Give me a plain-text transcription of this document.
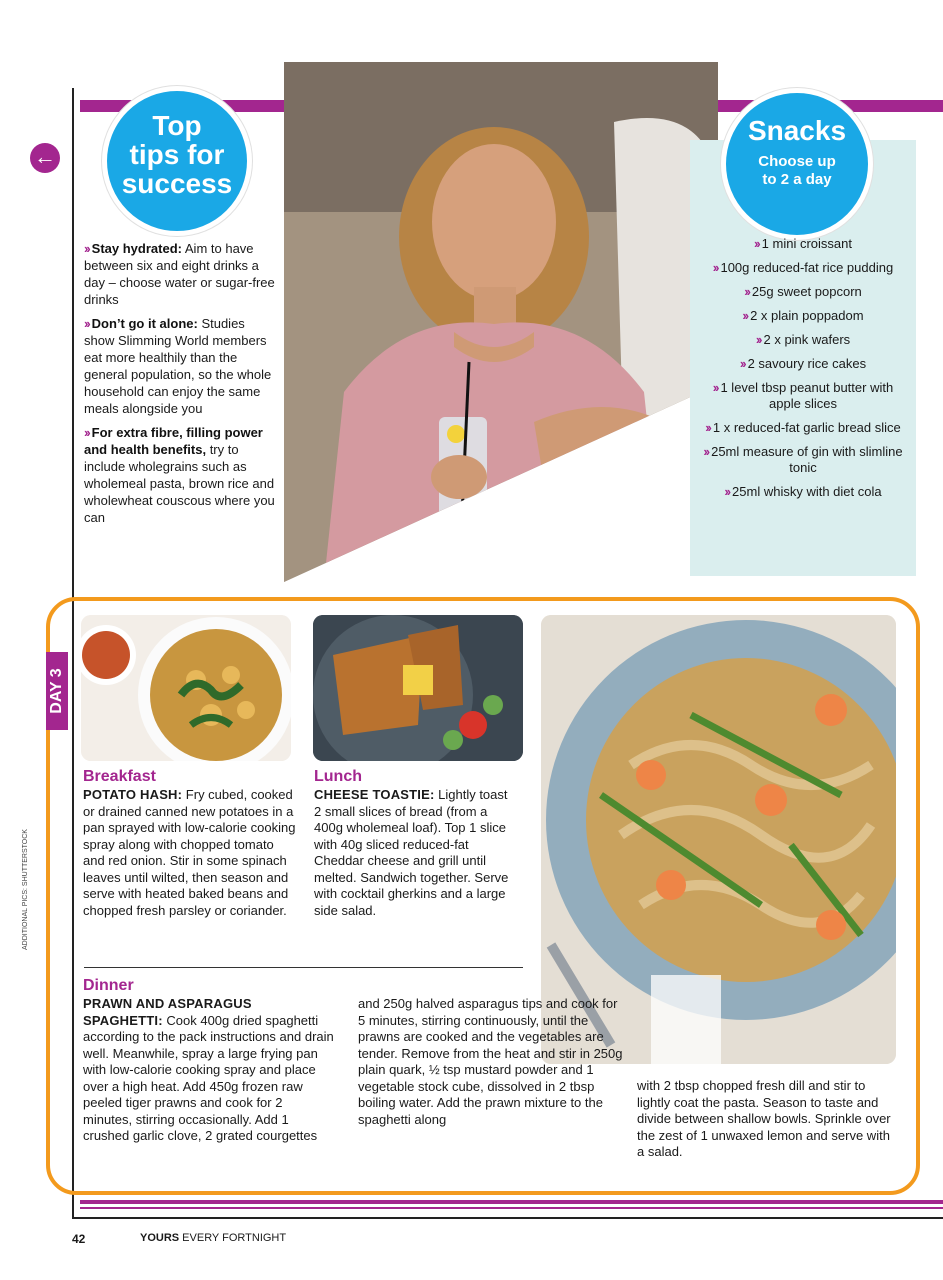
←
Top
tips for
success

›› Stay hydrated: Aim to have between six and eight drinks a day – choose water or sugar-free drinks

›› Don’t go it alone: Studies show Slimming World members eat more healthily than the general population, so the whole household can enjoy the same meals alongside you

›› For extra fibre, filling power and health benefits, try to include wholegrains such as wholemeal pasta, brown rice and wholewheat couscous where you can

Snacks
Choose up
to 2 a day

›› 1 mini croissant

›› 100g reduced-fat rice pudding

›› 25g sweet popcorn

›› 2 x plain poppadom

›› 2 x pink wafers

›› 2 savoury rice cakes

›› 1 level tbsp peanut butter with apple slices

›› 1 x reduced-fat garlic bread slice

›› 25ml measure of gin with slimline tonic

›› 25ml whisky with diet cola

DAY 3
Breakfast
POTATO HASH: Fry cubed, cooked or drained canned new potatoes in a pan sprayed with low-calorie cooking spray along with chopped tomato and red onion. Stir in some spinach leaves until wilted, then season and serve with heated baked beans and chopped fresh parsley or coriander.
Lunch
CHEESE TOASTIE: Lightly toast 2 small slices of bread (from a 400g wholemeal loaf). Top 1 slice with 40g sliced reduced-fat Cheddar cheese and grill until melted. Sandwich together. Serve with cocktail gherkins and a large side salad.
Dinner
PRAWN AND ASPARAGUS
SPAGHETTI: Cook 400g dried spaghetti according to the pack instructions and drain well. Meanwhile, spray a large frying pan with low-calorie cooking spray and place over a high heat. Add 450g frozen raw peeled tiger prawns and cook for 2 minutes, stirring occasionally. Add 1 crushed garlic clove, 2 grated courgettes
and 250g halved asparagus tips and cook for 5 minutes, stirring continuously, until the prawns are cooked and the vegetables are tender. Remove from the heat and stir in 250g plain quark, ½ tsp mustard powder and 1 vegetable stock cube, dissolved in 2 tbsp boiling water. Add the prawn mixture to the spaghetti along
with 2 tbsp chopped fresh dill and stir to lightly coat the pasta. Season to taste and divide between shallow bowls. Sprinkle over the zest of 1 unwaxed lemon and serve with a salad.
ADDITIONAL PICS: SHUTTERSTOCK
42	YOURS EVERY FORTNIGHT
